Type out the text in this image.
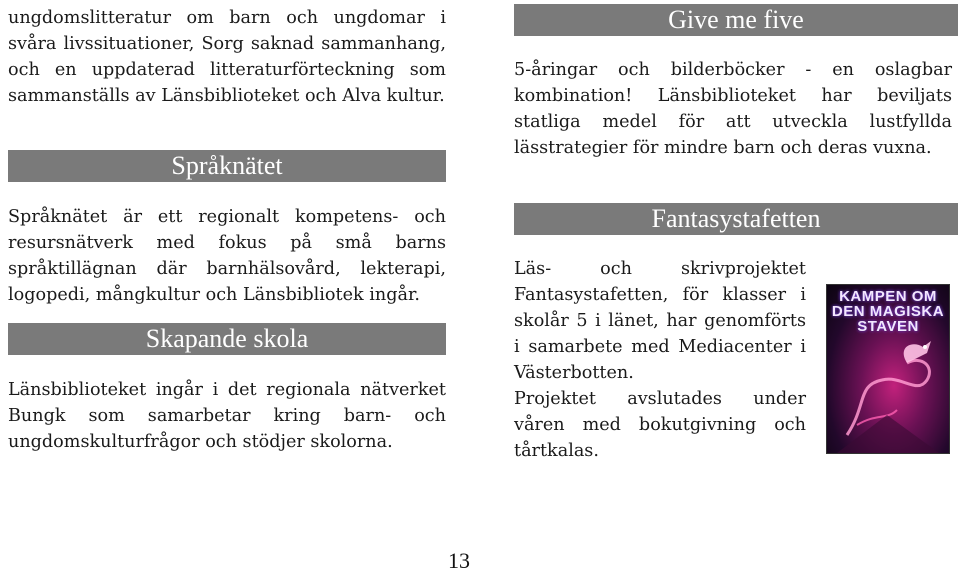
ungdomslitteratur om barn och ungdomar i svåra livssituationer, Sorg saknad sammanhang, och en uppdaterad litteraturförteckning som sammanställs av Länsbiblioteket och Alva kultur.

Språknätet

Språknätet är ett regionalt kompetens- och resursnätverk med fokus på små barns språktillägnan där barnhälsovård, lekterapi, logopedi, mångkultur och Länsbibliotek ingår.

Skapande skola

Länsbiblioteket ingår i det regionala nätverket Bungk som samarbetar kring barn- och ungdomskulturfrågor och stödjer skolorna.

Give me five

5-åringar och bilderböcker - en oslagbar kombination! Länsbiblioteket har beviljats statliga medel för att utveckla lustfyllda lässtrategier för mindre barn och deras vuxna.

Fantasystafetten

Läs- och skrivprojektet Fantasystafetten, för klasser i skolår 5 i länet, har genomförts i samarbete med Mediacenter i Västerbotten.

Projektet avslutades under våren med bokutgivning och tårtkalas.

KAMPEN OM DEN MAGISKA STAVEN
13
